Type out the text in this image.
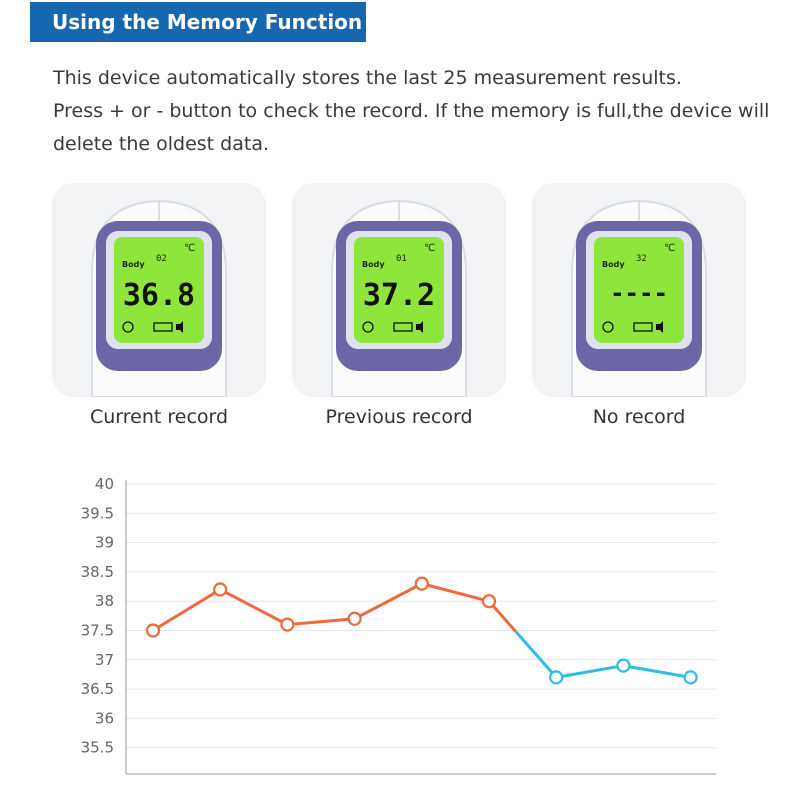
Using the Memory Function

This device automatically stores the last 25 measurement results.

Press + or - button to check the record. If the memory is full,the device will

delete the oldest data.

Body
02
℃
36.8
Current record
Body
01
℃
37.2
Previous record
Body
32
℃
----
No record
40
39.5
39
38.5
38
37.5
37
36.5
36
35.5
